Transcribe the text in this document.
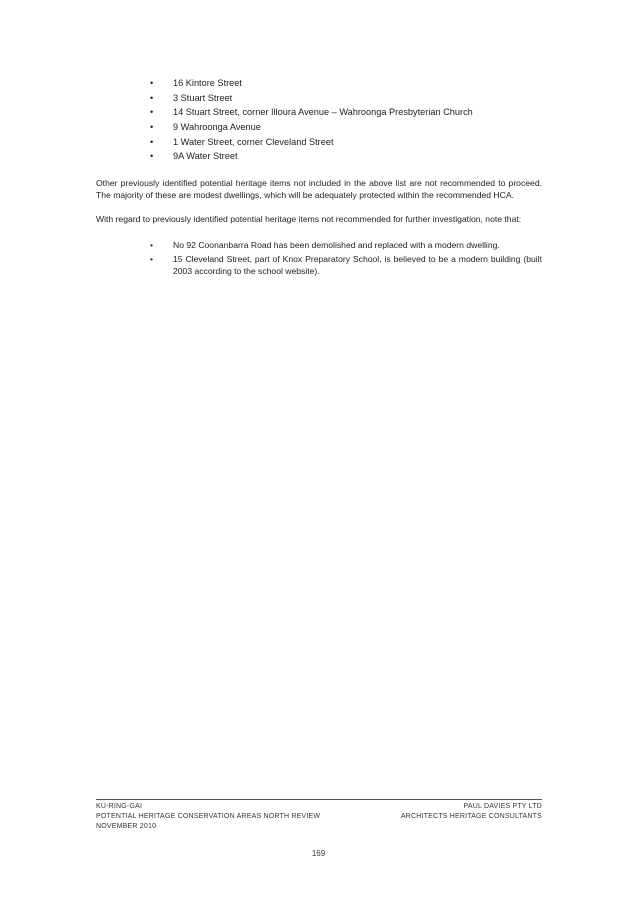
• 16 Kintore Street
• 3 Stuart Street
• 14 Stuart Street, corner Illoura Avenue – Wahroonga Presbyterian Church
• 9 Wahroonga Avenue
• 1 Water Street, corner Cleveland Street
• 9A Water Street

Other previously identified potential heritage items not included in the above list are not recommended to proceed. The majority of these are modest dwellings, which will be adequately protected within the recommended HCA.

With regard to previously identified potential heritage items not recommended for further investigation, note that:

• No 92 Coonanbarra Road has been demolished and replaced with a modern dwelling.
• 15 Cleveland Street, part of Knox Preparatory School, is believed to be a modern building (built 2003 according to the school website).
KU-RING-GAI
POTENTIAL HERITAGE CONSERVATION AREAS NORTH REVIEW
NOVEMBER 2010
PAUL DAVIES PTY LTD
ARCHITECTS HERITAGE CONSULTANTS
169
